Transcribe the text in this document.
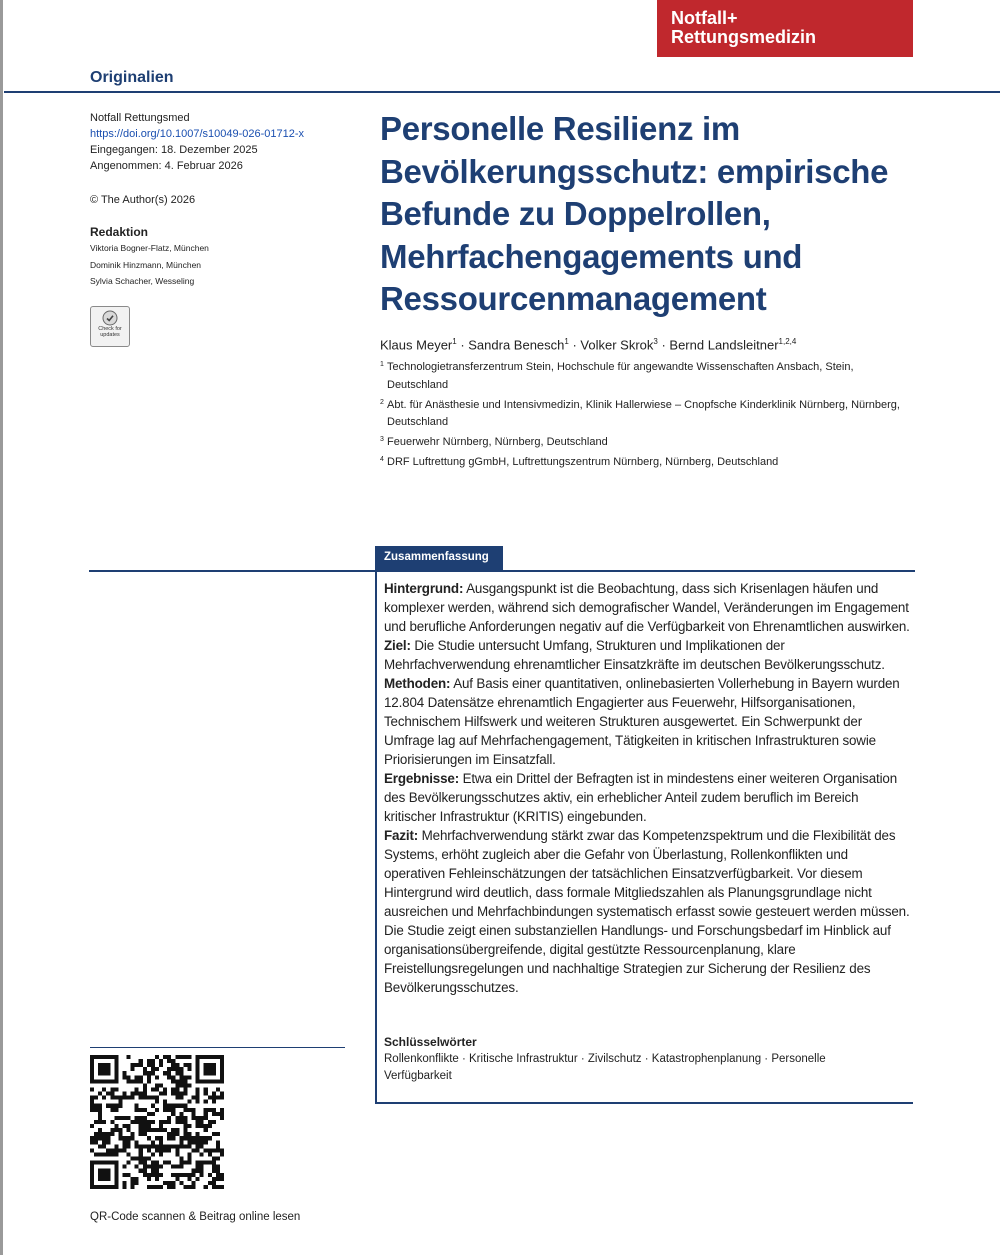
Notfall+
Rettungsmedizin
Originalien
Notfall Rettungsmed
https://doi.org/10.1007/s10049-026-01712-x
Eingegangen: 18. Dezember 2025
Angenommen: 4. Februar 2026
© The Author(s) 2026
Redaktion
Viktoria Bogner-Flatz, München
Dominik Hinzmann, München
Sylvia Schacher, Wesseling
Check for updates
Personelle Resilienz im Bevölkerungsschutz: empirische Befunde zu Doppelrollen, Mehrfachengagements und Ressourcenmanagement
Klaus Meyer$^1$ · Sandra Benesch$^1$ · Volker Skrok$^3$ · Bernd Landsleitner$^{1,2,4}$
1 Technologietransferzentrum Stein, Hochschule für angewandte Wissenschaften Ansbach, Stein, Deutschland
2 Abt. für Anästhesie und Intensivmedizin, Klinik Hallerwiese – Cnopfsche Kinderklinik Nürnberg, Nürnberg, Deutschland
3 Feuerwehr Nürnberg, Nürnberg, Deutschland
4 DRF Luftrettung gGmbH, Luftrettungszentrum Nürnberg, Nürnberg, Deutschland
Zusammenfassung

Hintergrund: Ausgangspunkt ist die Beobachtung, dass sich Krisenlagen häufen und komplexer werden, während sich demografischer Wandel, Veränderungen im Engagement und berufliche Anforderungen negativ auf die Verfügbarkeit von Ehrenamtlichen auswirken.

Ziel: Die Studie untersucht Umfang, Strukturen und Implikationen der Mehrfachverwendung ehrenamtlicher Einsatzkräfte im deutschen Bevölkerungsschutz.

Methoden: Auf Basis einer quantitativen, onlinebasierten Vollerhebung in Bayern wurden 12.804 Datensätze ehrenamtlich Engagierter aus Feuerwehr, Hilfsorganisationen, Technischem Hilfswerk und weiteren Strukturen ausgewertet. Ein Schwerpunkt der Umfrage lag auf Mehrfachengagement, Tätigkeiten in kritischen Infrastrukturen sowie Priorisierungen im Einsatzfall.

Ergebnisse: Etwa ein Drittel der Befragten ist in mindestens einer weiteren Organisation des Bevölkerungsschutzes aktiv, ein erheblicher Anteil zudem beruflich im Bereich kritischer Infrastruktur (KRITIS) eingebunden.

Fazit: Mehrfachverwendung stärkt zwar das Kompetenzspektrum und die Flexibilität des Systems, erhöht zugleich aber die Gefahr von Überlastung, Rollenkonflikten und operativen Fehleinschätzungen der tatsächlichen Einsatzverfügbarkeit. Vor diesem Hintergrund wird deutlich, dass formale Mitgliedszahlen als Planungsgrundlage nicht ausreichen und Mehrfachbindungen systematisch erfasst sowie gesteuert werden müssen. Die Studie zeigt einen substanziellen Handlungs- und Forschungsbedarf im Hinblick auf organisationsübergreifende, digital gestützte Ressourcenplanung, klare Freistellungsregelungen und nachhaltige Strategien zur Sicherung der Resilienz des Bevölkerungsschutzes.

Schlüsselwörter
Rollenkonflikte · Kritische Infrastruktur · Zivilschutz · Katastrophenplanung · Personelle Verfügbarkeit
QR-Code scannen & Beitrag online lesen
